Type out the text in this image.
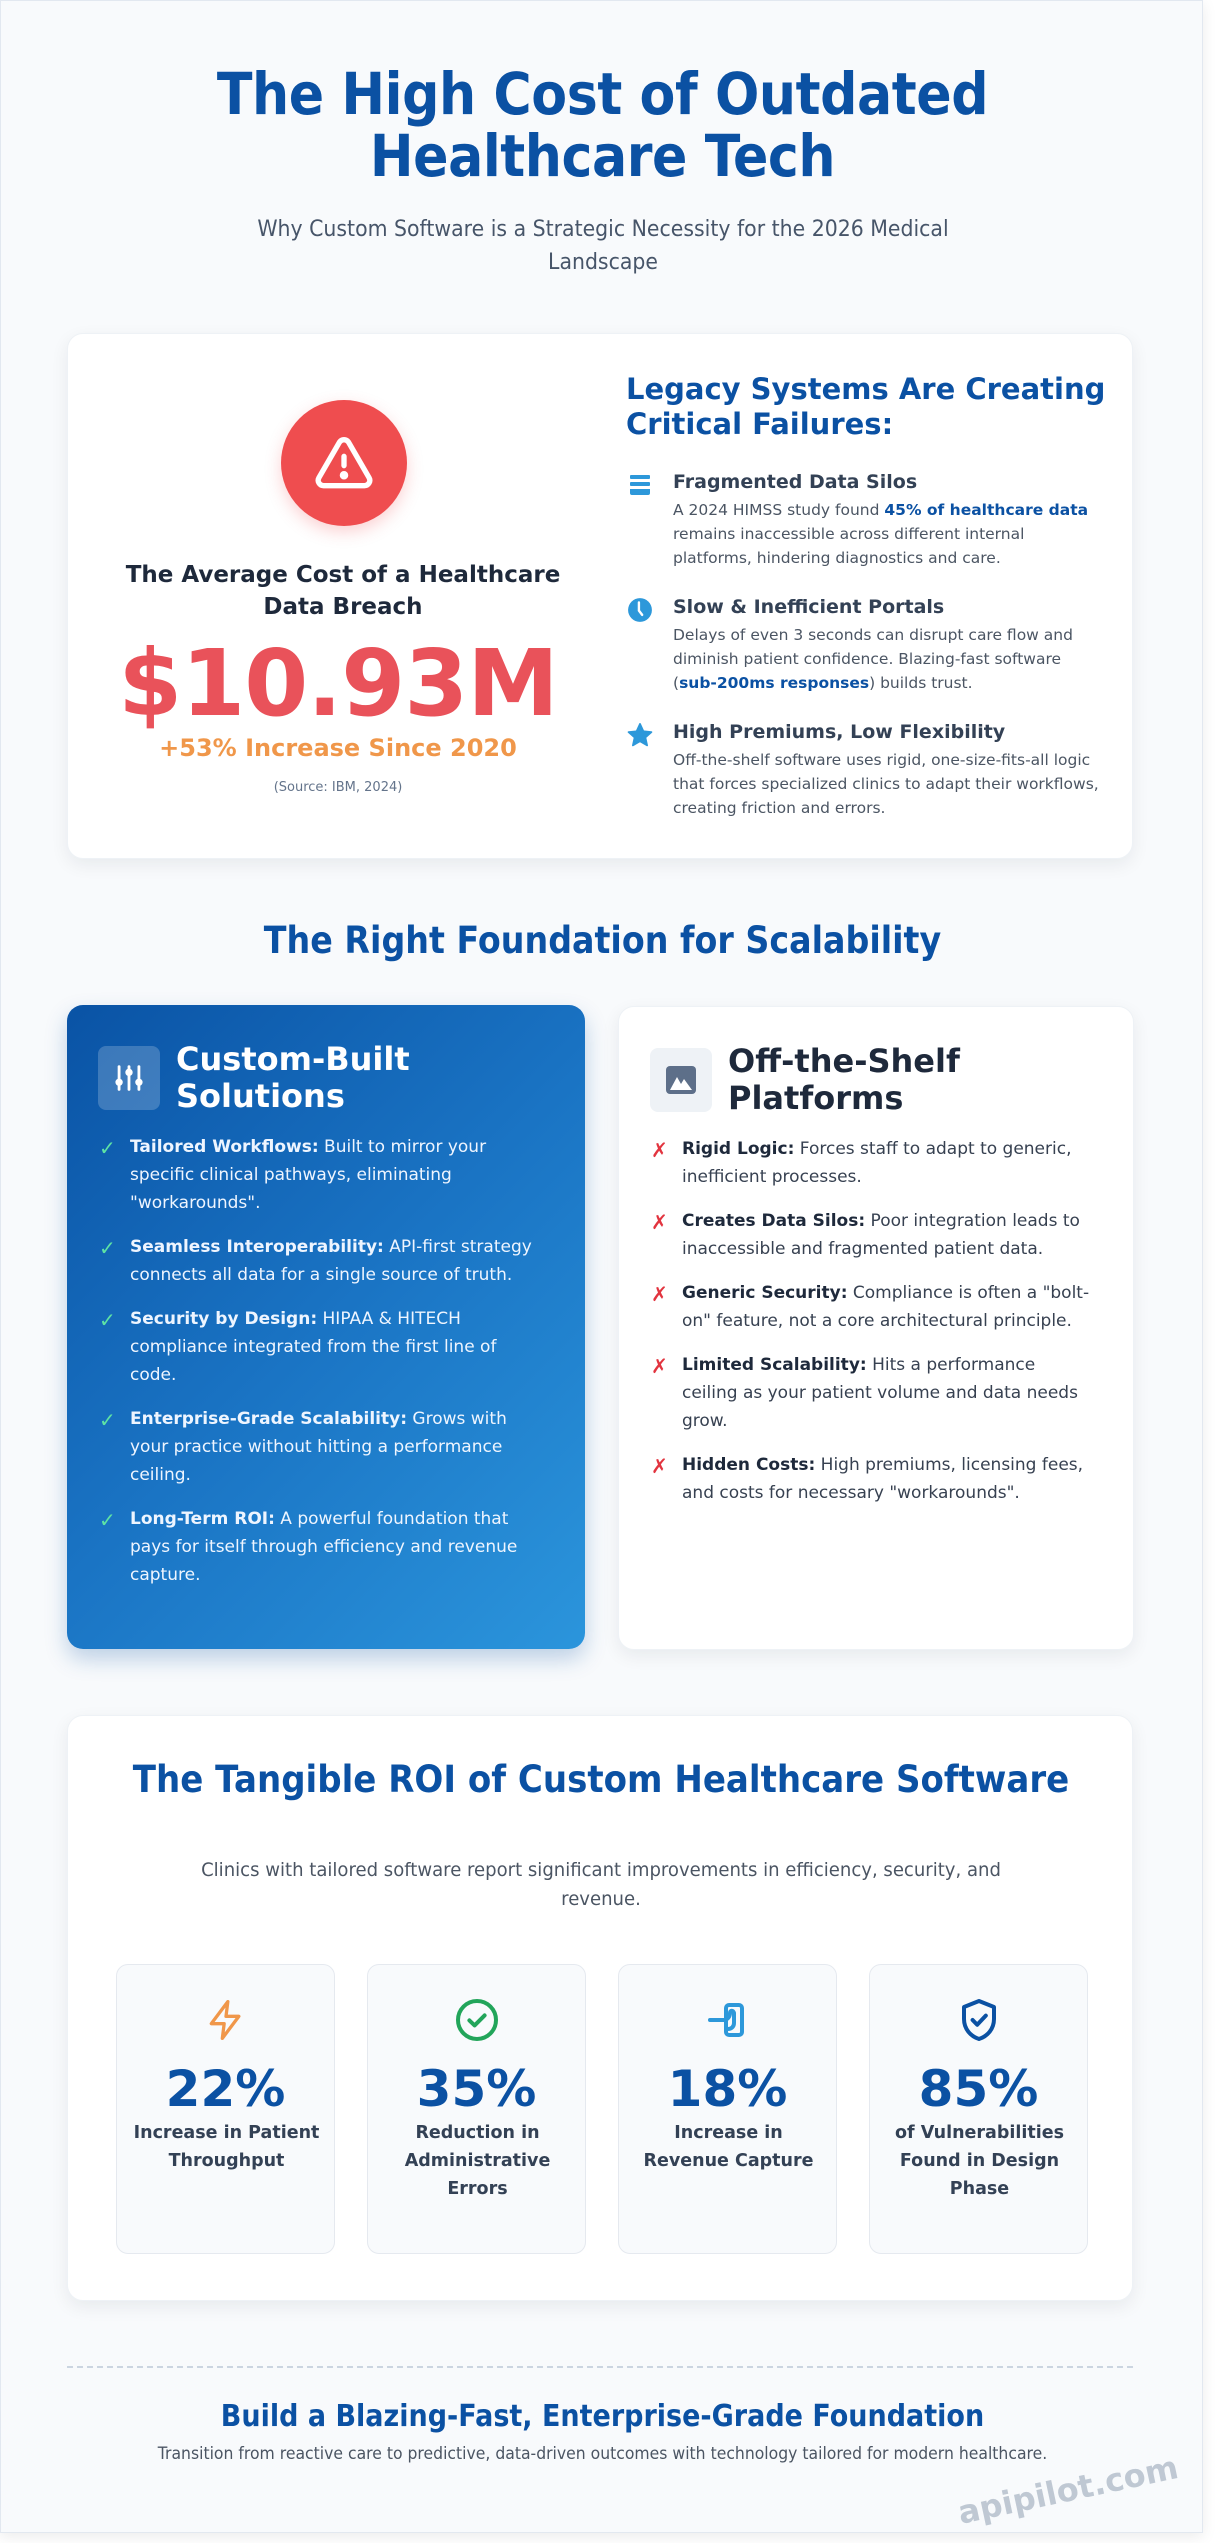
The High Cost of Outdated Healthcare Tech

Why Custom Software is a Strategic Necessity for the 2026 Medical Landscape

The Average Cost of a Healthcare Data Breach
$10.93M
+53% Increase Since 2020
(Source: IBM, 2024)
Legacy Systems Are Creating Critical Failures:
Fragmented Data Silos

A 2024 HIMSS study found 45% of healthcare data remains inaccessible across different internal platforms, hindering diagnostics and care.

Slow & Inefficient Portals

Delays of even 3 seconds can disrupt care flow and diminish patient confidence. Blazing-fast software (sub-200ms responses) builds trust.

High Premiums, Low Flexibility

Off-the-shelf software uses rigid, one-size-fits-all logic that forces specialized clinics to adapt their workflows, creating friction and errors.

The Right Foundation for Scalability
Custom-Built Solutions
✓ Tailored Workflows: Built to mirror your specific clinical pathways, eliminating "workarounds".
✓ Seamless Interoperability: API-first strategy connects all data for a single source of truth.
✓ Security by Design: HIPAA & HITECH compliance integrated from the first line of code.
✓ Enterprise-Grade Scalability: Grows with your practice without hitting a performance ceiling.
✓ Long-Term ROI: A powerful foundation that pays for itself through efficiency and revenue capture.
Off-the-Shelf Platforms
✗ Rigid Logic: Forces staff to adapt to generic, inefficient processes.
✗ Creates Data Silos: Poor integration leads to inaccessible and fragmented patient data.
✗ Generic Security: Compliance is often a "bolt-on" feature, not a core architectural principle.
✗ Limited Scalability: Hits a performance ceiling as your patient volume and data needs grow.
✗ Hidden Costs: High premiums, licensing fees, and costs for necessary "workarounds".
The Tangible ROI of Custom Healthcare Software

Clinics with tailored software report significant improvements in efficiency, security, and revenue.

22%
Increase in Patient Throughput
35%
Reduction in Administrative Errors
18%
Increase in Revenue Capture
85%
of Vulnerabilities Found in Design Phase
Build a Blazing-Fast, Enterprise-Grade Foundation

Transition from reactive care to predictive, data-driven outcomes with technology tailored for modern healthcare.

apipilot.com
